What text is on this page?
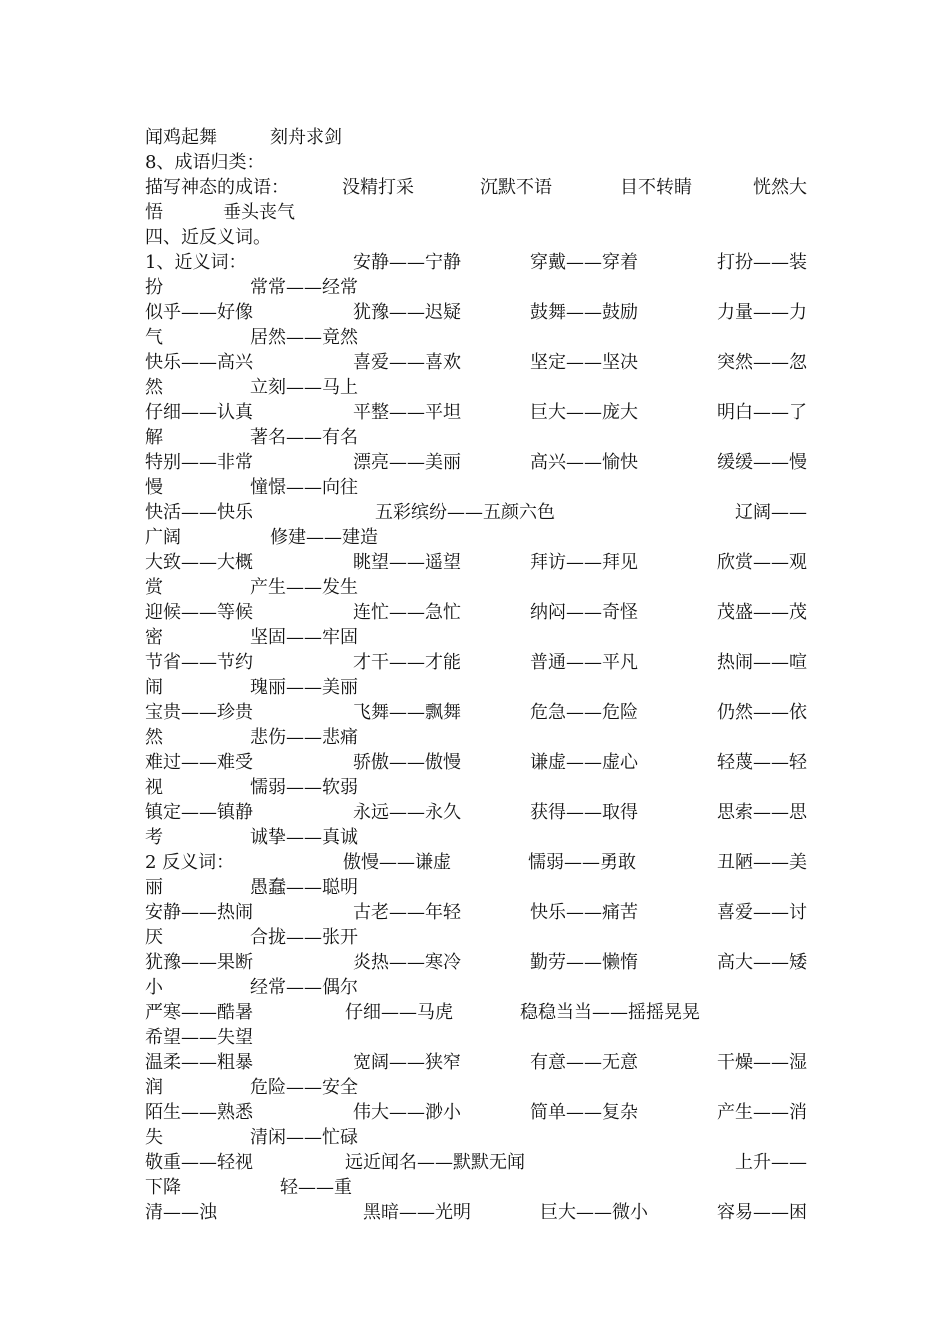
闻鸡起舞	刻舟求剑
8、成语归类：
描写神态的成语：	没精打采	沉默不语	目不转睛	恍然大
悟	垂头丧气
四、近反义词。
1、近义词：	安静——宁静	穿戴——穿着	打扮——装
扮	常常——经常
似乎——好像	犹豫——迟疑	鼓舞——鼓励	力量——力
气	居然——竟然
快乐——高兴	喜爱——喜欢	坚定——坚决	突然——忽
然	立刻——马上
仔细——认真	平整——平坦	巨大——庞大	明白——了
解	著名——有名
特别——非常	漂亮——美丽	高兴——愉快	缓缓——慢
慢	憧憬——向往
快活——快乐	五彩缤纷——五颜六色	辽阔——
广阔	修建——建造
大致——大概	眺望——遥望	拜访——拜见	欣赏——观
赏	产生——发生
迎候——等候	连忙——急忙	纳闷——奇怪	茂盛——茂
密	坚固——牢固
节省——节约	才干——才能	普通——平凡	热闹——喧
闹	瑰丽——美丽
宝贵——珍贵	飞舞——飘舞	危急——危险	仍然——依
然	悲伤——悲痛
难过——难受	骄傲——傲慢	谦虚——虚心	轻蔑——轻
视	懦弱——软弱
镇定——镇静	永远——永久	获得——取得	思索——思
考	诚挚——真诚
2 反义词：	傲慢——谦虚	懦弱——勇敢	丑陋——美
丽	愚蠢——聪明
安静——热闹	古老——年轻	快乐——痛苦	喜爱——讨
厌	合拢——张开
犹豫——果断	炎热——寒冷	勤劳——懒惰	高大——矮
小	经常——偶尔
严寒——酷暑	仔细——马虎	稳稳当当——摇摇晃晃
希望——失望
温柔——粗暴	宽阔——狭窄	有意——无意	干燥——湿
润	危险——安全
陌生——熟悉	伟大——渺小	简单——复杂	产生——消
失	清闲——忙碌
敬重——轻视	远近闻名——默默无闻	上升——
下降	轻——重
清——浊	黑暗——光明	巨大——微小	容易——困
